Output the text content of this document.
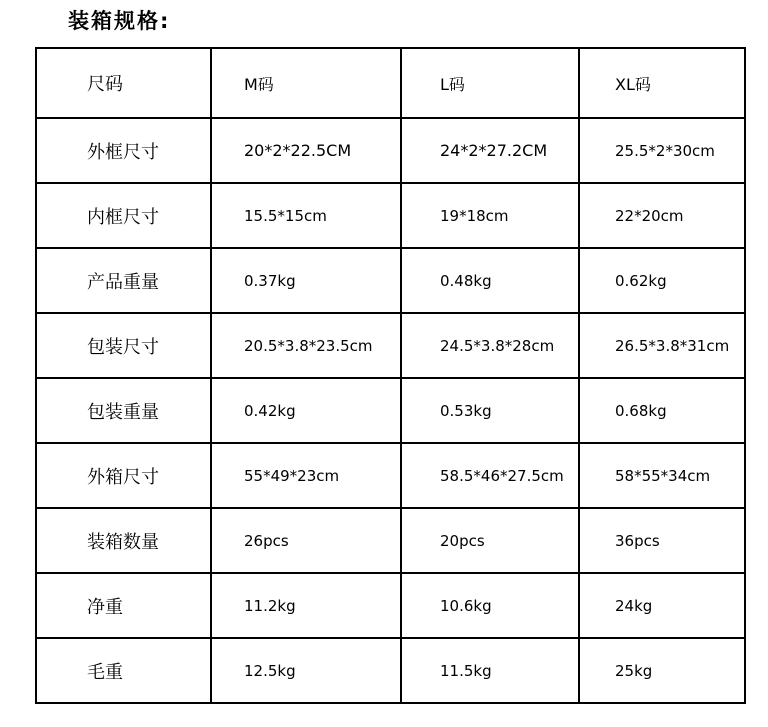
装箱规格:
尺码	M码	L码	XL码
外框尺寸	20*2*22.5CM	24*2*27.2CM	25.5*2*30cm
内框尺寸	15.5*15cm	19*18cm	22*20cm
产品重量	0.37kg	0.48kg	0.62kg
包装尺寸	20.5*3.8*23.5cm	24.5*3.8*28cm	26.5*3.8*31cm
包装重量	0.42kg	0.53kg	0.68kg
外箱尺寸	55*49*23cm	58.5*46*27.5cm	58*55*34cm
装箱数量	26pcs	20pcs	36pcs
净重	11.2kg	10.6kg	24kg
毛重	12.5kg	11.5kg	25kg
